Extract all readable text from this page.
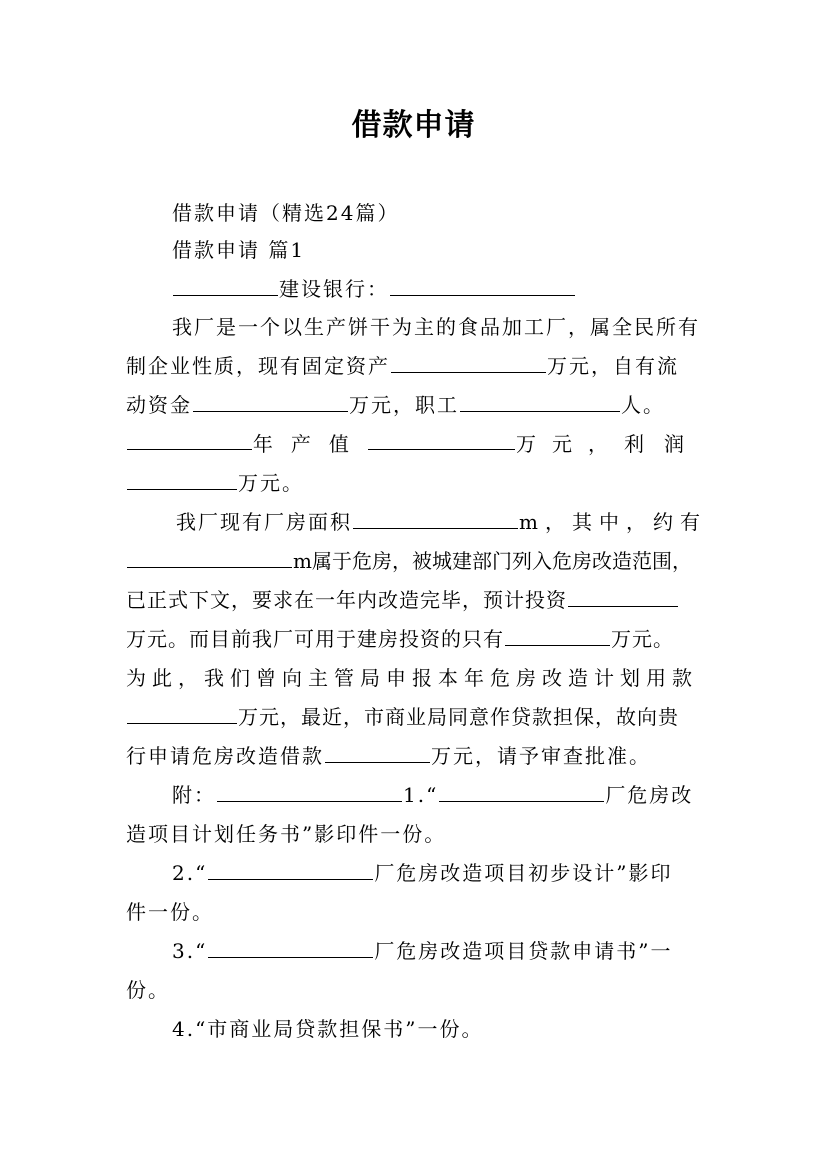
借款申请
借款申请（精选24篇）
借款申请 篇1
建设银行：
我厂是一个以生产饼干为主的食品加工厂，属全民所有
制企业性质，现有固定资产	万元，自有流
动资金	万元，职工	人。
年产值	万元， 利润
万元。
我厂现有厂房面积	m，其中，约有
m属于危房，被城建部门列入危房改造范围，
已正式下文，要求在一年内改造完毕，预计投资
万元。而目前我厂可用于建房投资的只有	万元。
为此，我们曾向主管局申报本年危房改造计划用款
万元，最近，市商业局同意作贷款担保，故向贵
行申请危房改造借款	万元，请予审查批准。
附：	1.“	厂危房改
造项目计划任务书”影印件一份。
2.“	厂危房改造项目初步设计”影印
件一份。
3.“	厂危房改造项目贷款申请书”一
份。
4.“市商业局贷款担保书”一份。
